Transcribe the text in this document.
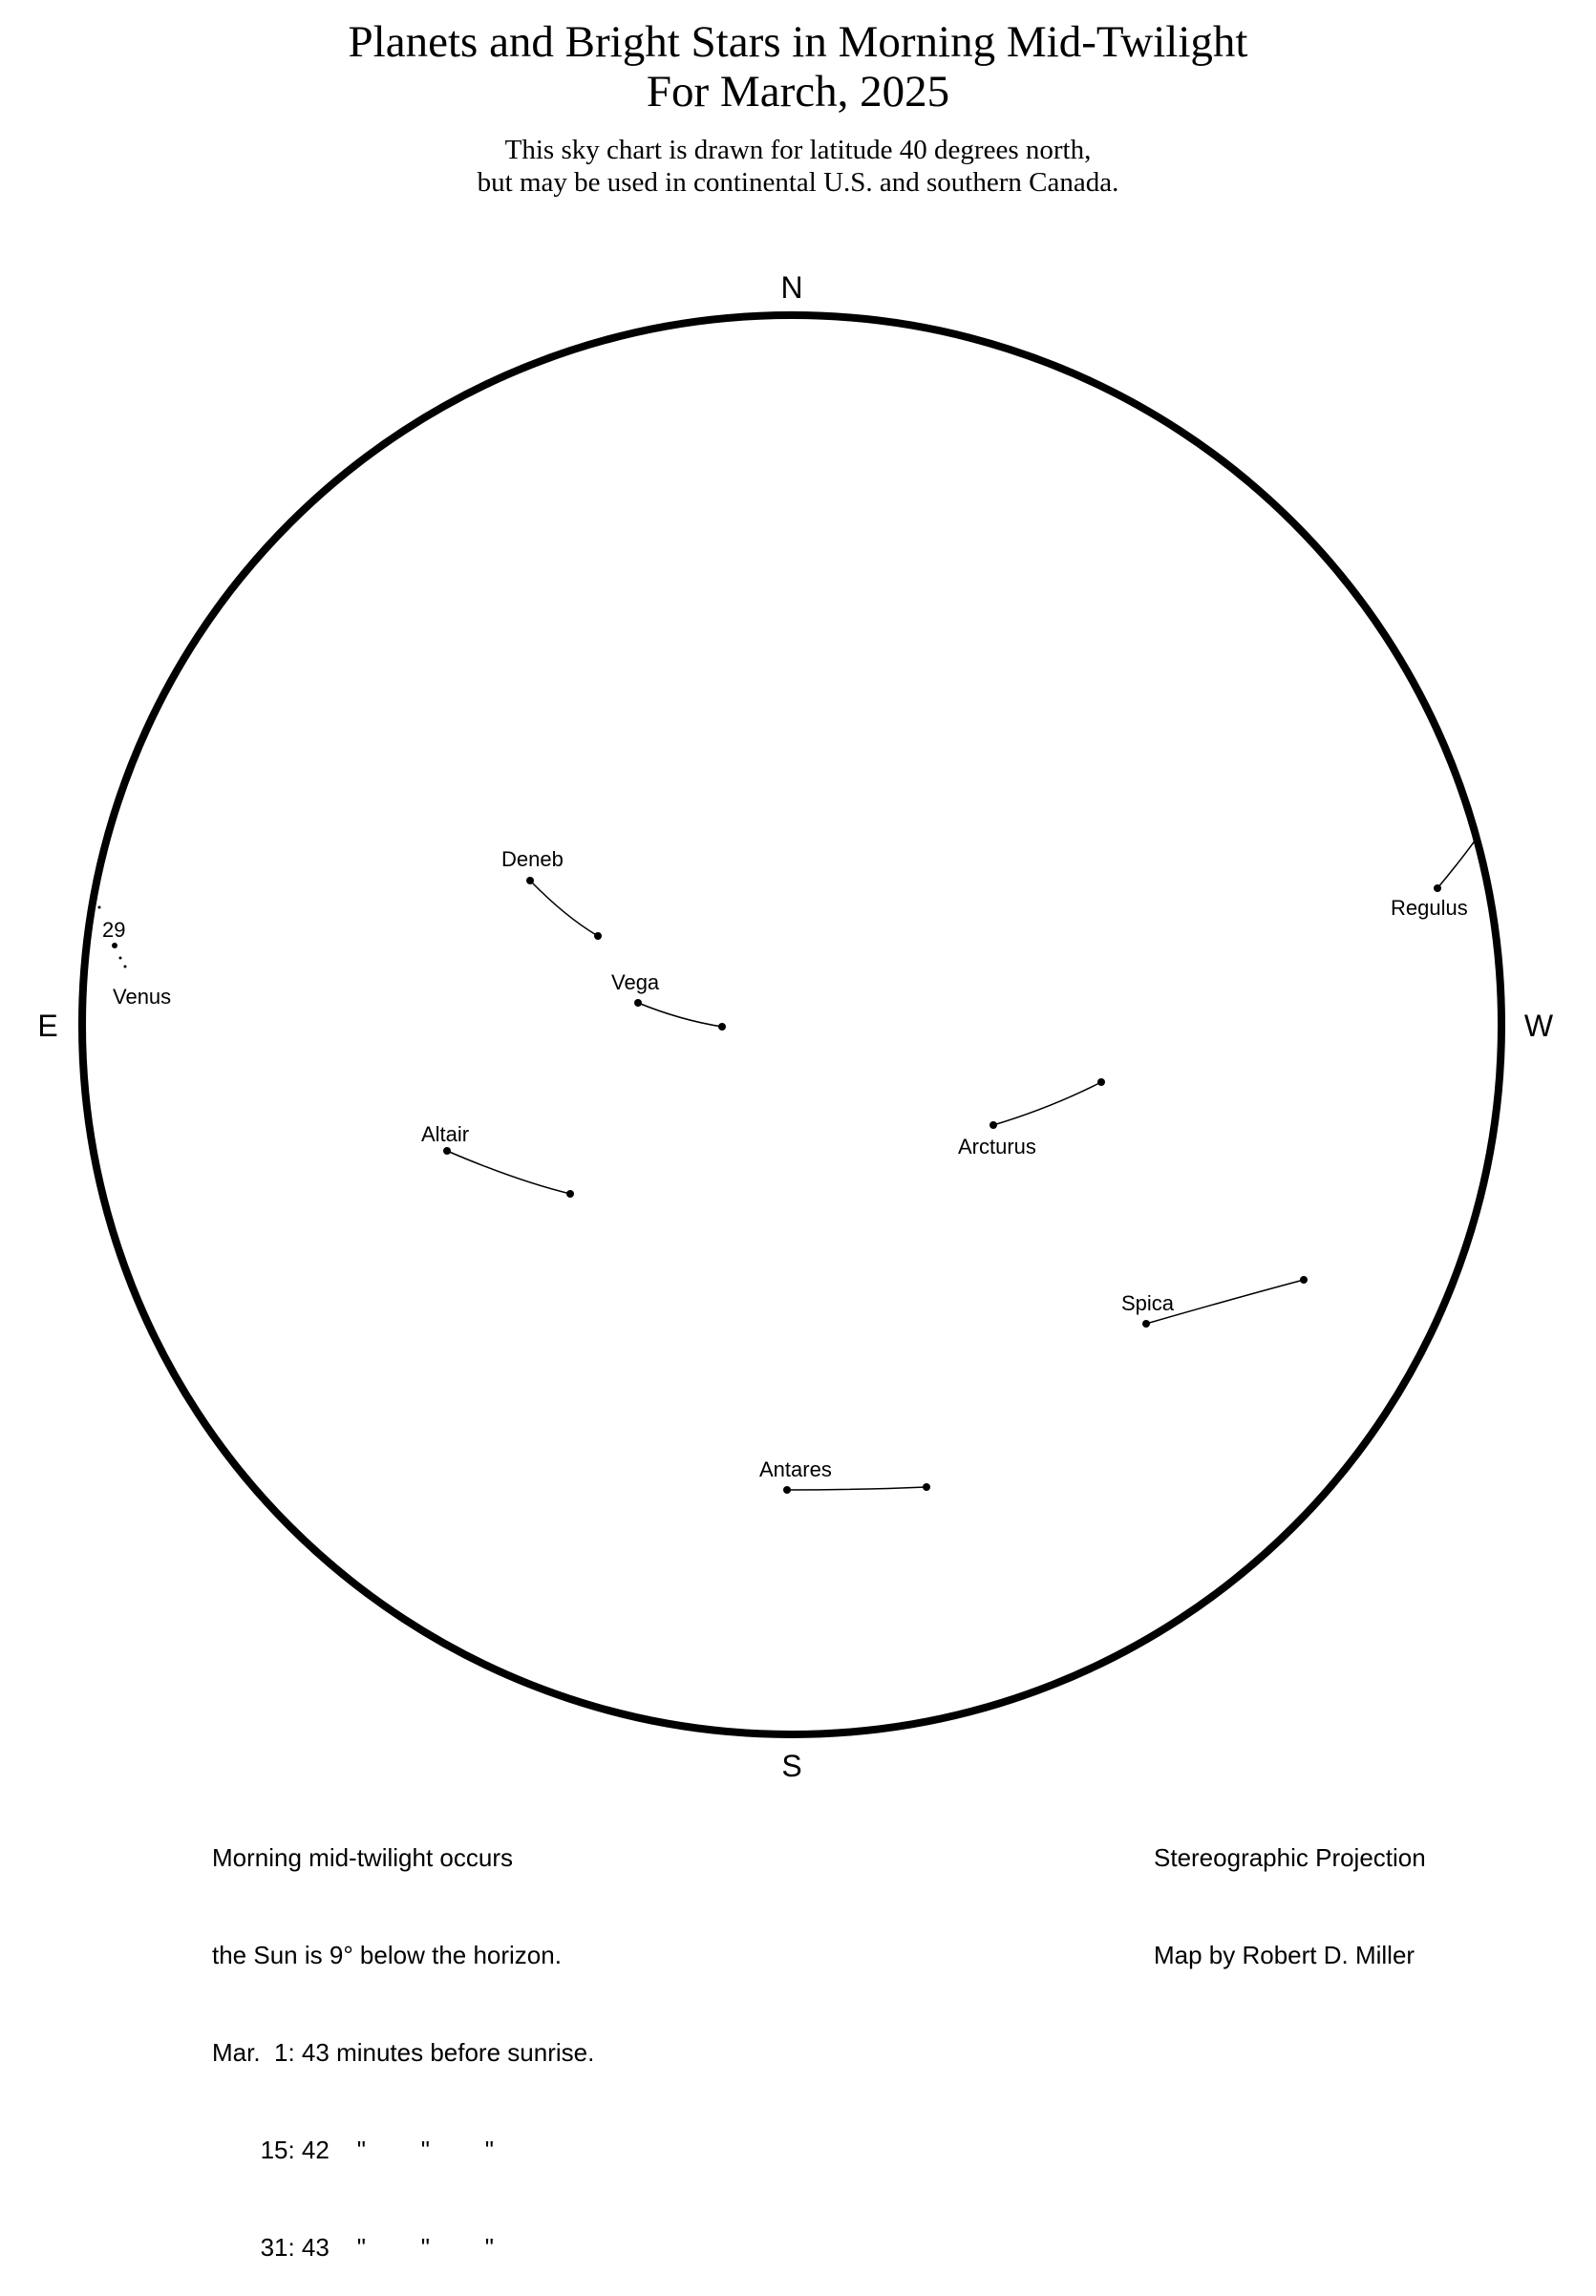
Planets and Bright Stars in Morning Mid-Twilight
For March, 2025
This sky chart is drawn for latitude 40 degrees north,
but may be used in continental U.S. and southern Canada.
N
S
E	W
Deneb
Vega
Altair
Arcturus
Spica
Antares
Regulus
Venus
29

Morning mid-twilight occurs

the Sun is 9° below the horizon.

Mar.  1: 43 minutes before sunrise.

15: 42    "        "        "

31: 43    "        "        "

Stereographic Projection

Map by Robert D. Miller
